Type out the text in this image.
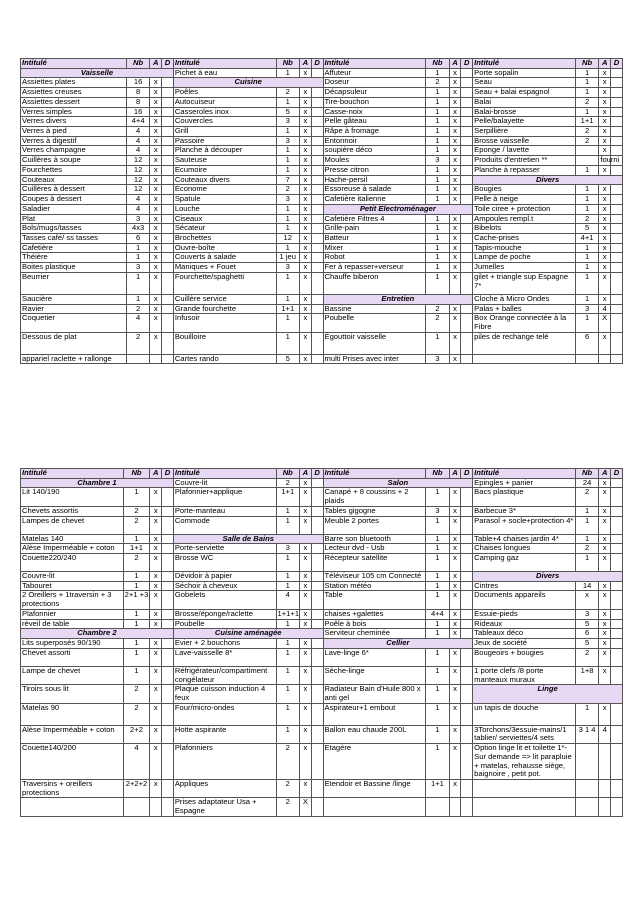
Intitulé	Nb	A	D	Intitulé	Nb	A	D	Intitulé	Nb	A	D	Intitulé	Nb	A	D
Vaisselle				Pichet à eau	1	x		Affuteur	1	x		Porte sopalin	1	x	
Assiettes plates	16	x		Cuisine				Doseur	2	x		Seau	1	x	
Assiettes creuses	8	x		Poêles	2	x		Décapsuleur	1	x		Seau + balai espagnol	1	x	
Assiettes dessert	8	x		Autocuiseur	1	x		Tire-bouchon	1	x		Balai	2	x	
Verres simples	16	x		Casseroles inox	5	x		Casse-noix	1	x		Balai-brosse	1	x	
Verres divers	4+4	x		Couvercles	3	x		Pelle gâteau	1	x		Pelle/balayette	1+1	x	
Verres à pied	4	x		Grill	1	x		Râpe à fromage	1	x		Serpillière	2	x	
Verres à digestif	4	x		Passoire	3	x		Entonnoir	1	x		Brosse vaisselle	2	x	
Verres champagne	4	x		Planche à découper	1	x		soupière déco	1	x		Eponge / lavette		x	
Cuillères à soupe	12	x		Sauteuse	1	x		Moules	3	x		Produits d'entretien **		fourni	
Fourchettes	12	x		Ecumoire	1	x		Presse citron	1	x		Planche à repasser	1	x	
Couteaux	12	x		Couteaux divers	7	x		Hache-persil	1	x		Divers			
Cuillères à dessert	12	x		Econome	2	x		Essoreuse à salade	1	x		Bougies	1	x	
Coupes à dessert	4	x		Spatule	3	x		Cafetière italienne	1	x		Pelle à neige	1	x	
Saladier	4	x		Louche	1	x		Petit Electroménager				Toile ciree + protection	1	x	
Plat	3	x		Ciseaux	1	x		Cafetière Filtres 4	1	x		Ampoules rempl.t	2	x	
Bols/mugs/tasses	4x3	x		Sécateur	1	x		Grille-pain	1	x		Bibelots	5	x	
Tasses café/ ss tasses	6	x		Brochettes	12	x		Batteur	1	x		Cache-prises	4+1	x	
Cafetière	1	x		Ouvre-boîte	1	x		Mixer	1	x		Tapis-mouche	1	x	
Théière	1	x		Couverts à salade	1 jeu	x		Robot	1	x		Lampe de poche	1	x	
Boites plastique	3	x		Maniques + Fouet	3	x		Fer à repasser+verseur	1	x		Jumelles	1	x	
Beurrier	1	x		Fourchette/spaghetti	1	x		Chauffe biberon	1	x		gilet + triangle sup Espagne 7*	1	x	
Saucière	1	x		Cuillère service	1	x		Entretien				Cloche à Micro Ondes	1	x	
Ravier	2	x		Grande fourchette	1+1	x		Bassine	2	x		Palas + balles	3	4	
Coquetier	4	x		Infusoir	1	x		Poubelle	2	x		Box Orange connectée à la Fibre	1	X	
Dessous de plat	2	x		Bouilloire	1	x		Égouttoir vaisselle	1	x		piles de rechange telé	6	x	
appariel raclette + rallonge				Cartes rando	5	x		multi Prises avec inter	3	x					
Intitulé	Nb	A	D	Intitulé	Nb	A	D	Intitulé	Nb	A	D	Intitulé	Nb	A	D
Chambre 1				Couvre-lit	2	x		Salon				Epingles + panier	24	x	
Lit 140/190	1	x		Plafonnier+applique	1+1	x		Canapé + 8 coussins + 2 plaids	1	x		Bacs plastique	2	x	
Chevets assortis	2	x		Porte-manteau	1	x		Tables gigogne	3	x		Barbecue 3*	1	x	
Lampes de chevet	2	x		Commode	1	x		Meuble 2 portes	1	x		Parasol + socle+protection 4*	1	x	
Matelas 140	1	x		Salle de Bains				Barre son bluetooth	1	x		Table+4 chaises jardin 4*	1	x	
Alèse Imperméable + coton	1+1	x		Porte-serviette	3	x		Lecteur dvd - Usb	1	x		Chaises longues	2	x	
Couette220/240	2	x		Brosse WC	1	x		Récepteur satellite	1	x		Camping gaz	1	x	
Couvre-lit	1	x		Dévidoir à papier	1	x		Téléviseur 105 cm Connecté	1	x		Divers			
Tabouret	1	x		Séchoir à cheveux	1	x		Station météo	1	x		Cintres	14	x	
2 Oreillers + 1traversin + 3 protections	2+1 +3	x		Gobelets	4	x		Table	1	x		Documents appareils	x	x	
Plafonnier	1	x		Brosse/éponge/raclette	1+1+1	x		chaises +galettes	4+4	x		Essuie-pieds	3	x	
réveil de table	1	x		Poubelle	1	x		Poêle à bois	1	x		Rideaux	5	x	
Chambre 2				Cuisine aménagée				Serviteur cheminée	1	x		Tableaux déco	6	x	
Lits superposés 90/190	1	x		Evier + 2 bouchons	1	x		Cellier				Jeux de société	5	x	
Chevet assorti	1	x		Lave-vaisselle 8*	1	x		Lave-linge 6*	1	x		Bougeoirs + bougies	2	x	
Lampe de chevet	1	x		Réfrigérateur/compartiment congélateur	1	x		Sèche-linge	1	x		1 porte clefs /8 porte manteaux muraux	1+8	x	
Tiroirs sous lit	2	x		Plaque cuisson induction 4 feux	1	x		Radiateur Bain d'Huile 800 x anti gel	1	x		Linge			
Matelas 90	2	x		Four/micro-ondes	1	x		Aspirateur+1 embout	1	x		un tapis de douche	1	x	
Alèse Imperméable + coton	2+2	x		Hotte aspirante	1	x		Ballon eau chaude 200L	1	x		3Torchons/3essuie-mains/1 tablier/ serviettes/4 sets	3 1 4	4	
Couette140/200	4	x		Plafonniers	2	x		Etagère	1	x		Option linge lit et toilette 1*- Sur demande => lit parapluie + matelas, rehausse siège, baignoire , petit pot.			
Traversins + oreillers protections	2+2+2	x		Appliques	2	x		Etendoir et Bassine /linge	1+1	x					
				Prises adaptateur Usa + Espagne	2	X									
